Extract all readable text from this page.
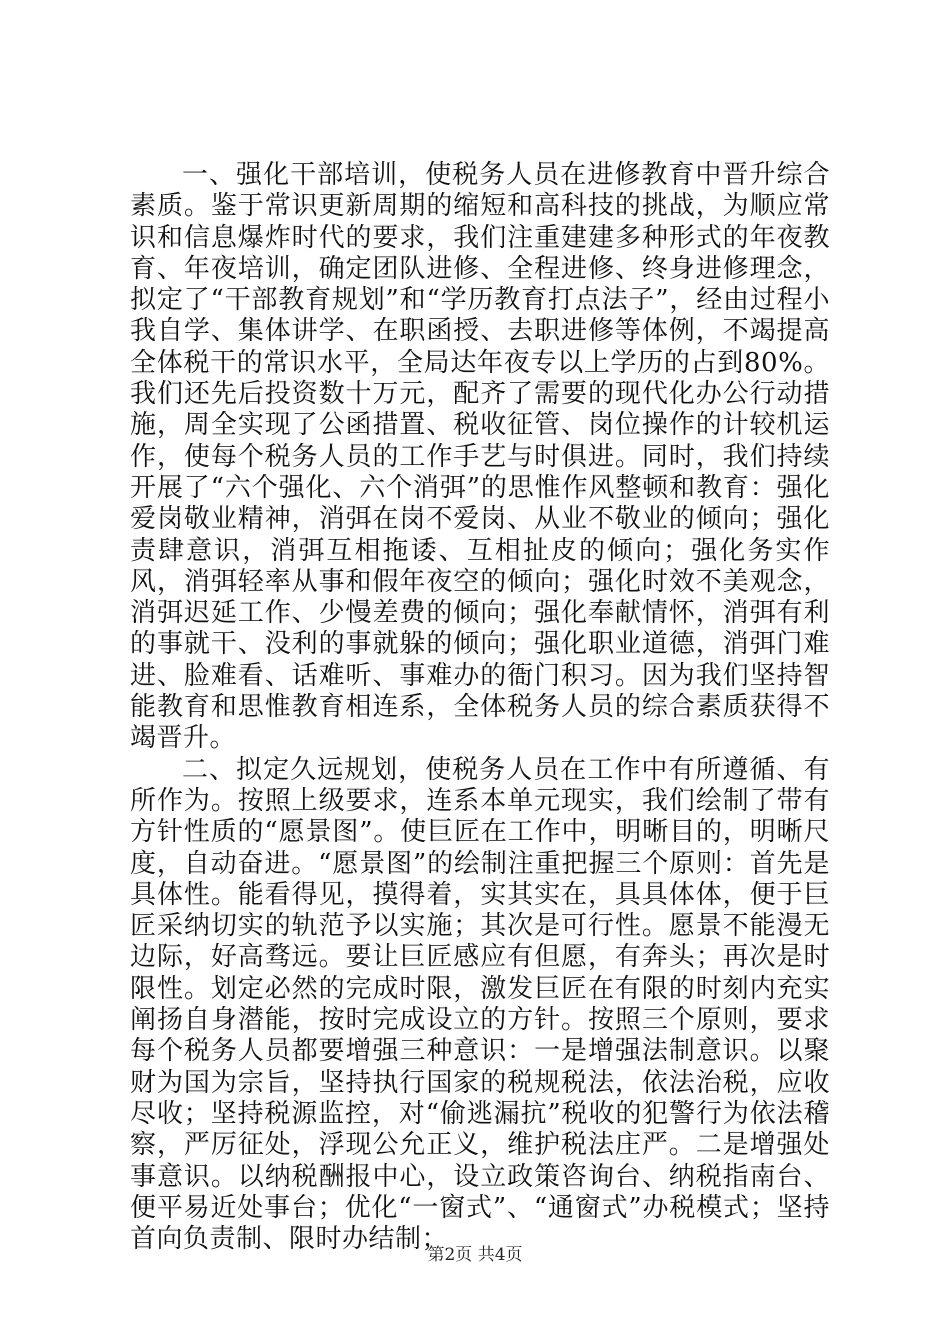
一、强化干部培训，使税务人员在进修教育中晋升综合素质。鉴于常识更新周期的缩短和高科技的挑战，为顺应常识和信息爆炸时代的要求，我们注重建建多种形式的年夜教育、年夜培训，确定团队进修、全程进修、终身进修理念，拟定了“干部教育规划”和“学历教育打点法子”，经由过程小我自学、集体讲学、在职函授、去职进修等体例，不竭提高全体税干的常识水平，全局达年夜专以上学历的占到80%。我们还先后投资数十万元，配齐了需要的现代化办公行动措施，周全实现了公函措置、税收征管、岗位操作的计较机运作，使每个税务人员的工作手艺与时俱进。同时，我们持续开展了“六个强化、六个消弭”的思惟作风整顿和教育：强化爱岗敬业精神，消弭在岗不爱岗、从业不敬业的倾向；强化责肆意识，消弭互相拖诿、互相扯皮的倾向；强化务实作风，消弭轻率从事和假年夜空的倾向；强化时效不美观念，消弭迟延工作、少慢差费的倾向；强化奉献情怀，消弭有利的事就干、没利的事就躲的倾向；强化职业道德，消弭门难进、脸难看、话难听、事难办的衙门积习。因为我们坚持智能教育和思惟教育相连系，全体税务人员的综合素质获得不竭晋升。

二、拟定久远规划，使税务人员在工作中有所遵循、有所作为。按照上级要求，连系本单元现实，我们绘制了带有方针性质的“愿景图”。使巨匠在工作中，明晰目的，明晰尺度，自动奋进。“愿景图”的绘制注重把握三个原则：首先是具体性。能看得见，摸得着，实其实在，具具体体，便于巨匠采纳切实的轨范予以实施；其次是可行性。愿景不能漫无边际，好高骛远。要让巨匠感应有但愿，有奔头；再次是时限性。划定必然的完成时限，激发巨匠在有限的时刻内充实阐扬自身潜能，按时完成设立的方针。按照三个原则，要求每个税务人员都要增强三种意识：一是增强法制意识。以聚财为国为宗旨，坚持执行国家的税规税法，依法治税，应收尽收；坚持税源监控，对“偷逃漏抗”税收的犯警行为依法稽察，严厉征处，浮现公允正义，维护税法庄严。二是增强处事意识。以纳税酬报中心，设立政策咨询台、纳税指南台、便平易近处事台；优化“一窗式”、“通窗式”办税模式；坚持首向负责制、限时办结制；

第2页 共4页
